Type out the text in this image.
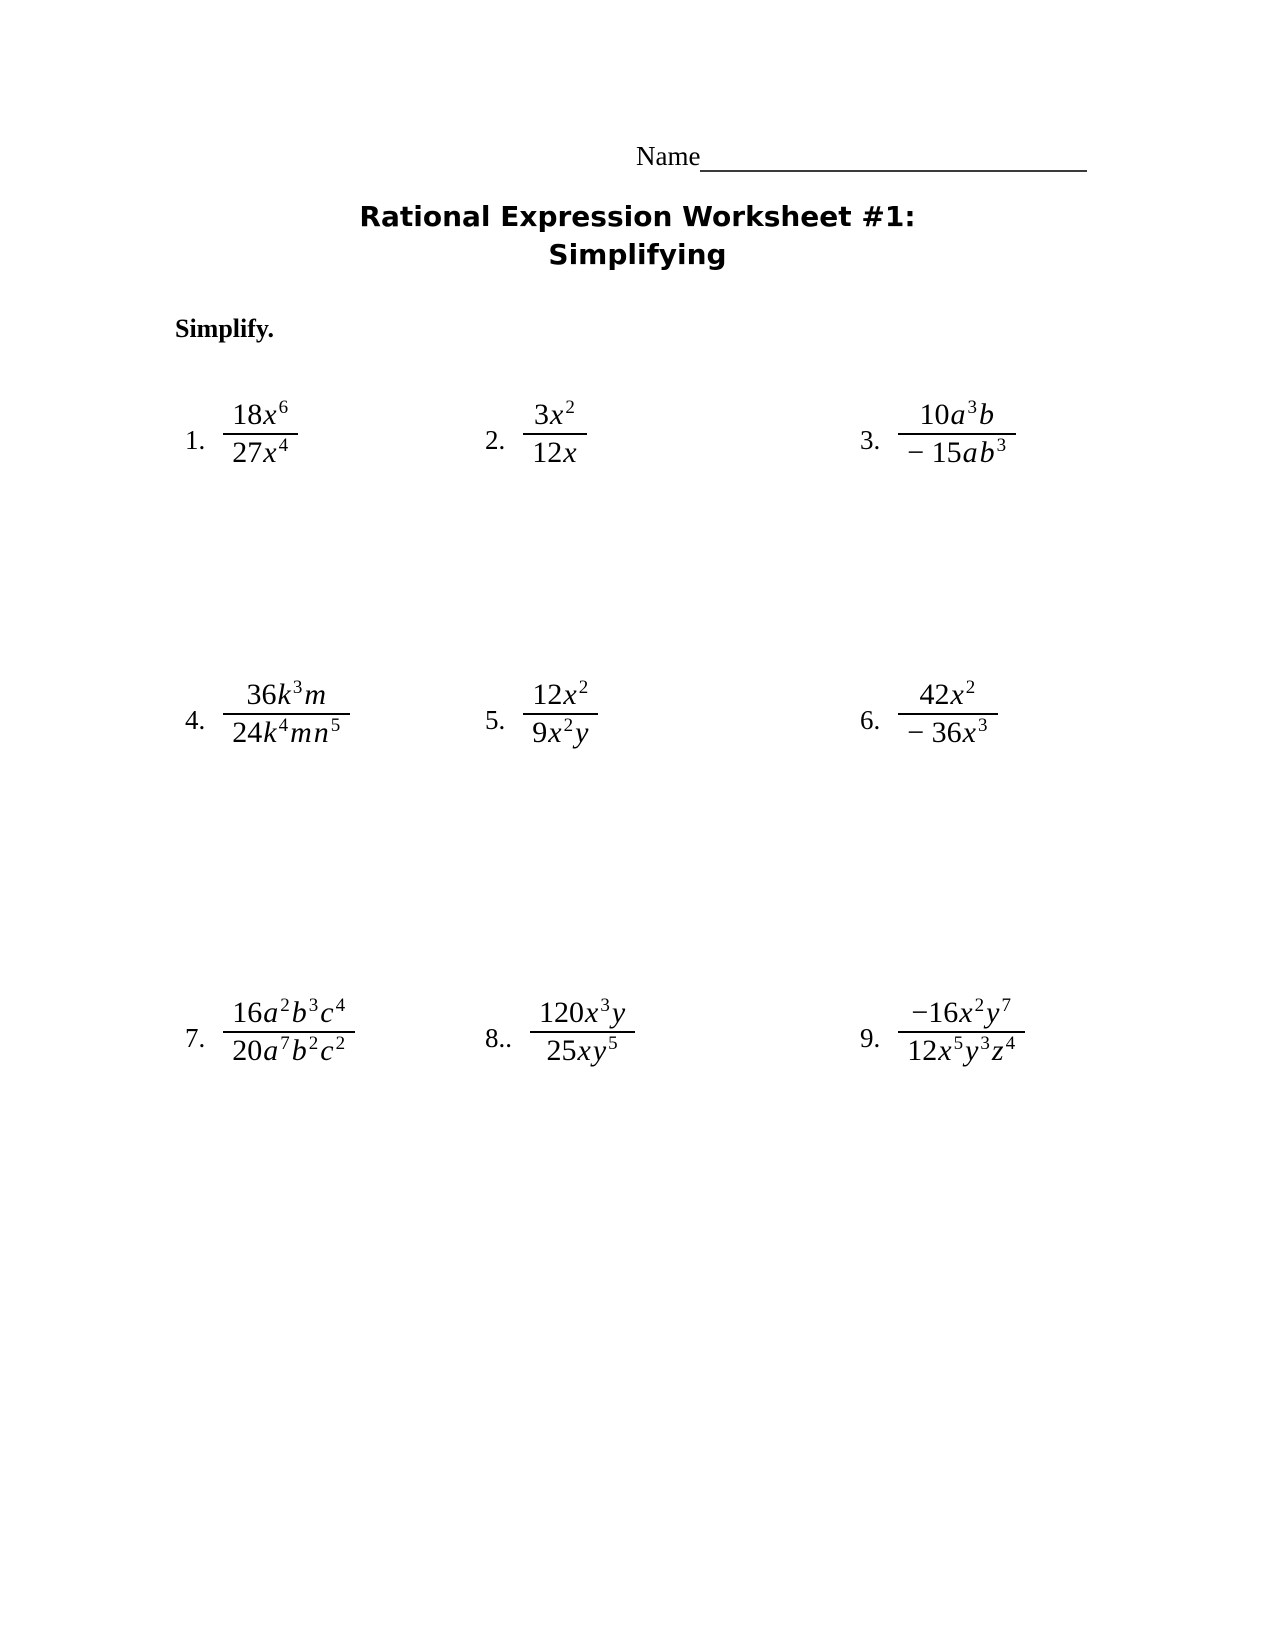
Name
Rational Expression Worksheet #1:
Simplifying
Simplify.
1. $\frac{18x ^6}{27x ^4}$	2. $\frac{3x ^2}{12x}$	3. $\frac{10a ^3b}{- 15ab ^3}$
4. $\frac{36k ^3m}{24k ^4mn ^5}$	5. $\frac{12x ^2}{9x ^2y}$	6. $\frac{42x ^2}{- 36x ^3}$
7. $\frac{16a ^2b ^3c ^4}{20a ^7b ^2c ^2}$	8.. $\frac{120x ^3y}{25xy ^5}$	9. $\frac{-16x ^2y ^7}{12x ^5y ^3z ^4}$
